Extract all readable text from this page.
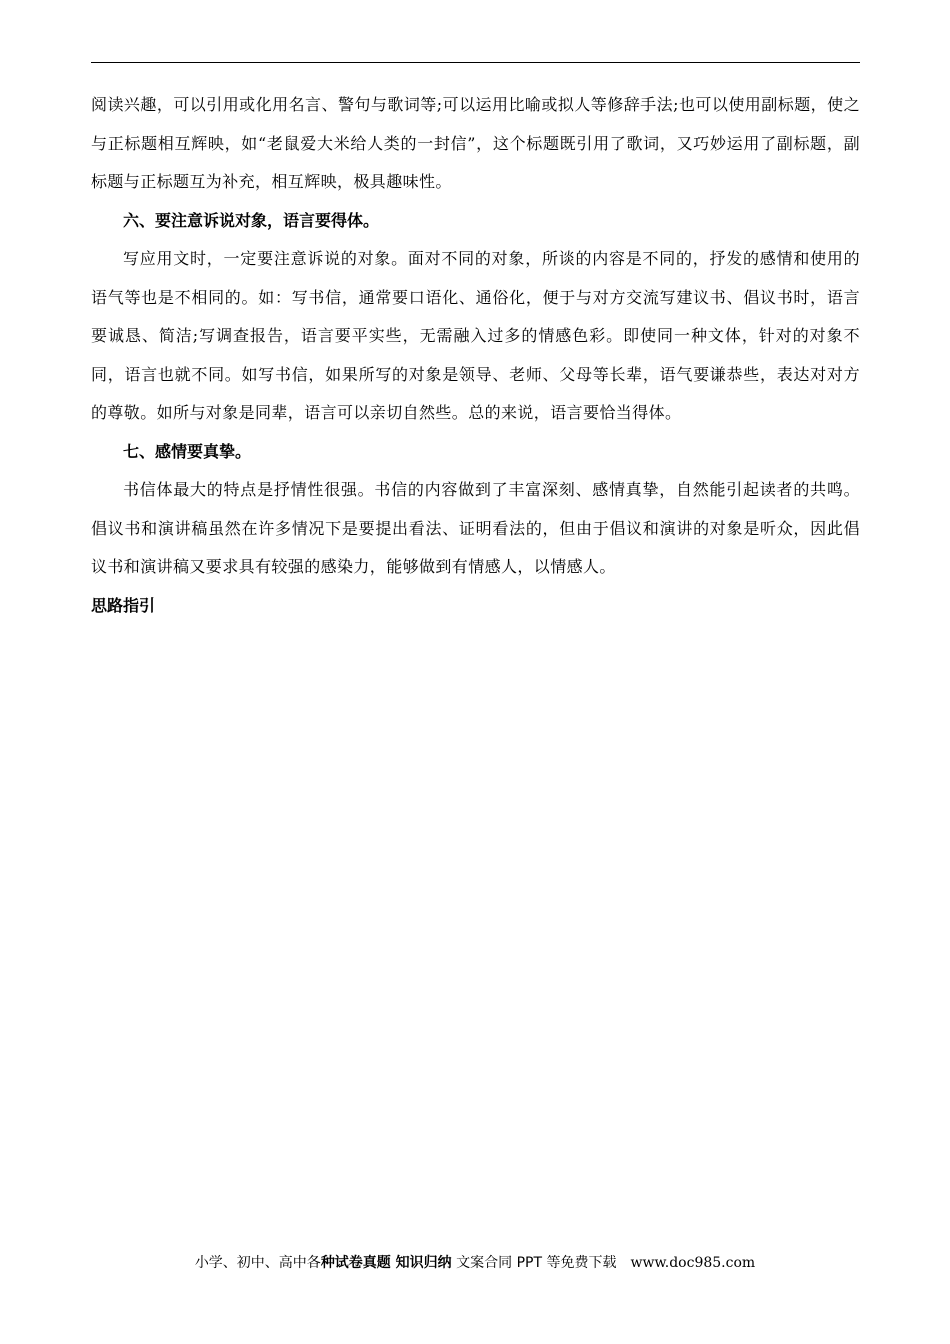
阅读兴趣，可以引用或化用名言、警句与歌词等;可以运用比喻或拟人等修辞手法;也可以使用副标题，使之与正标题相互辉映，如“老鼠爱大米给人类的一封信”，这个标题既引用了歌词，又巧妙运用了副标题，副标题与正标题互为补充，相互辉映，极具趣味性。

六、要注意诉说对象，语言要得体。

写应用文时，一定要注意诉说的对象。面对不同的对象，所谈的内容是不同的，抒发的感情和使用的语气等也是不相同的。如：写书信，通常要口语化、通俗化，便于与对方交流写建议书、倡议书时，语言要诚恳、简洁;写调查报告，语言要平实些，无需融入过多的情感色彩。即使同一种文体，针对的对象不同，语言也就不同。如写书信，如果所写的对象是领导、老师、父母等长辈，语气要谦恭些，表达对对方的尊敬。如所与对象是同辈，语言可以亲切自然些。总的来说，语言要恰当得体。

七、感情要真挚。

书信体最大的特点是抒情性很强。书信的内容做到了丰富深刻、感情真挚，自然能引起读者的共鸣。倡议书和演讲稿虽然在许多情况下是要提出看法、证明看法的，但由于倡议和演讲的对象是听众，因此倡议书和演讲稿又要求具有较强的感染力，能够做到有情感人，以情感人。

思路指引

小学、初中、高中各种试卷真题 知识归纳 文案合同 PPT 等免费下载 www.doc985.com
